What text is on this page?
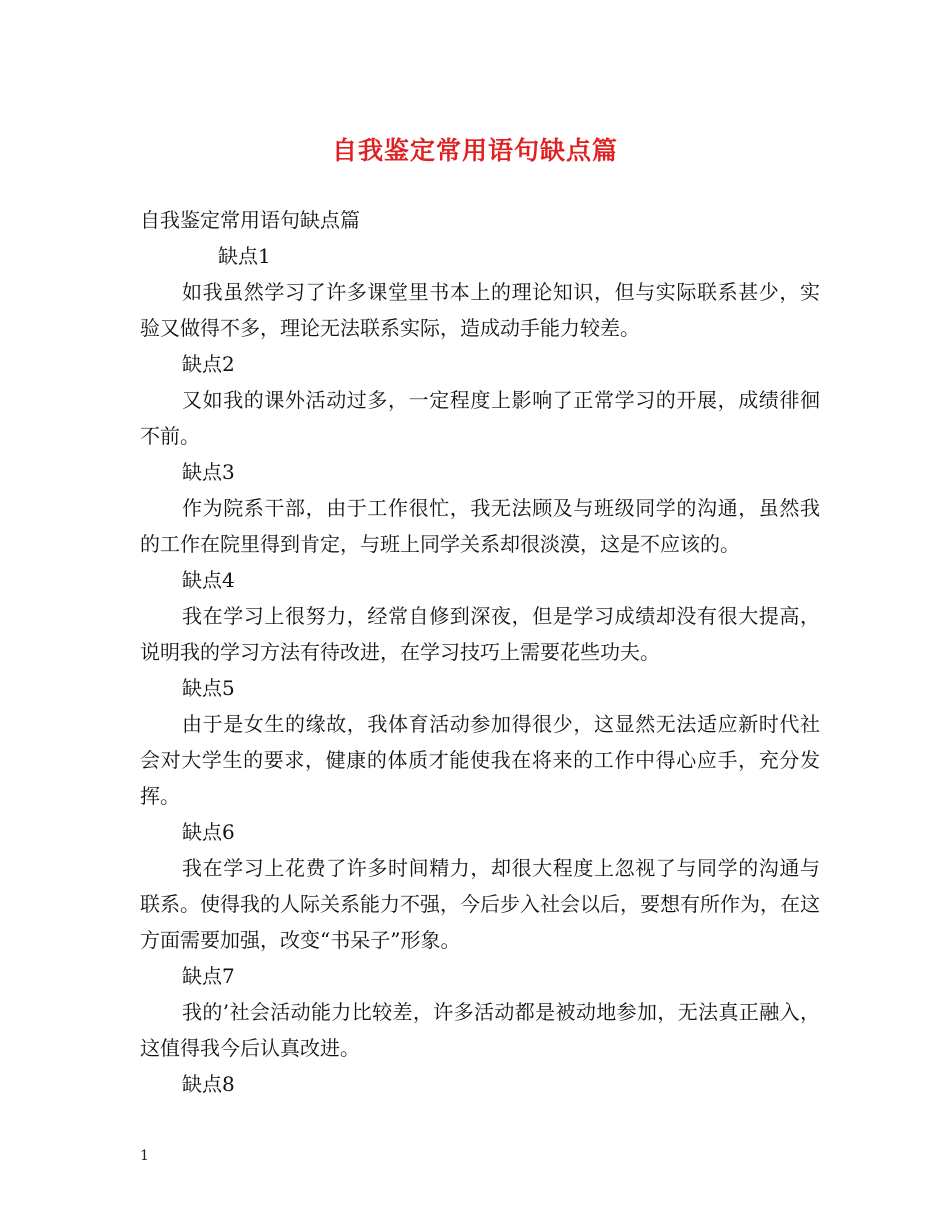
自我鉴定常用语句缺点篇

自我鉴定常用语句缺点篇

缺点1

如我虽然学习了许多课堂里书本上的理论知识，但与实际联系甚少，实验又做得不多，理论无法联系实际，造成动手能力较差。

缺点2

又如我的课外活动过多，一定程度上影响了正常学习的开展，成绩徘徊不前。

缺点3

作为院系干部，由于工作很忙，我无法顾及与班级同学的沟通，虽然我的工作在院里得到肯定，与班上同学关系却很淡漠，这是不应该的。

缺点4

我在学习上很努力，经常自修到深夜，但是学习成绩却没有很大提高，说明我的学习方法有待改进，在学习技巧上需要花些功夫。

缺点5

由于是女生的缘故，我体育活动参加得很少，这显然无法适应新时代社会对大学生的要求，健康的体质才能使我在将来的工作中得心应手，充分发挥。

缺点6

我在学习上花费了许多时间精力，却很大程度上忽视了与同学的沟通与联系。使得我的人际关系能力不强，今后步入社会以后，要想有所作为，在这方面需要加强，改变“书呆子”形象。

缺点7

我的’社会活动能力比较差，许多活动都是被动地参加，无法真正融入，这值得我今后认真改进。

缺点8

1
